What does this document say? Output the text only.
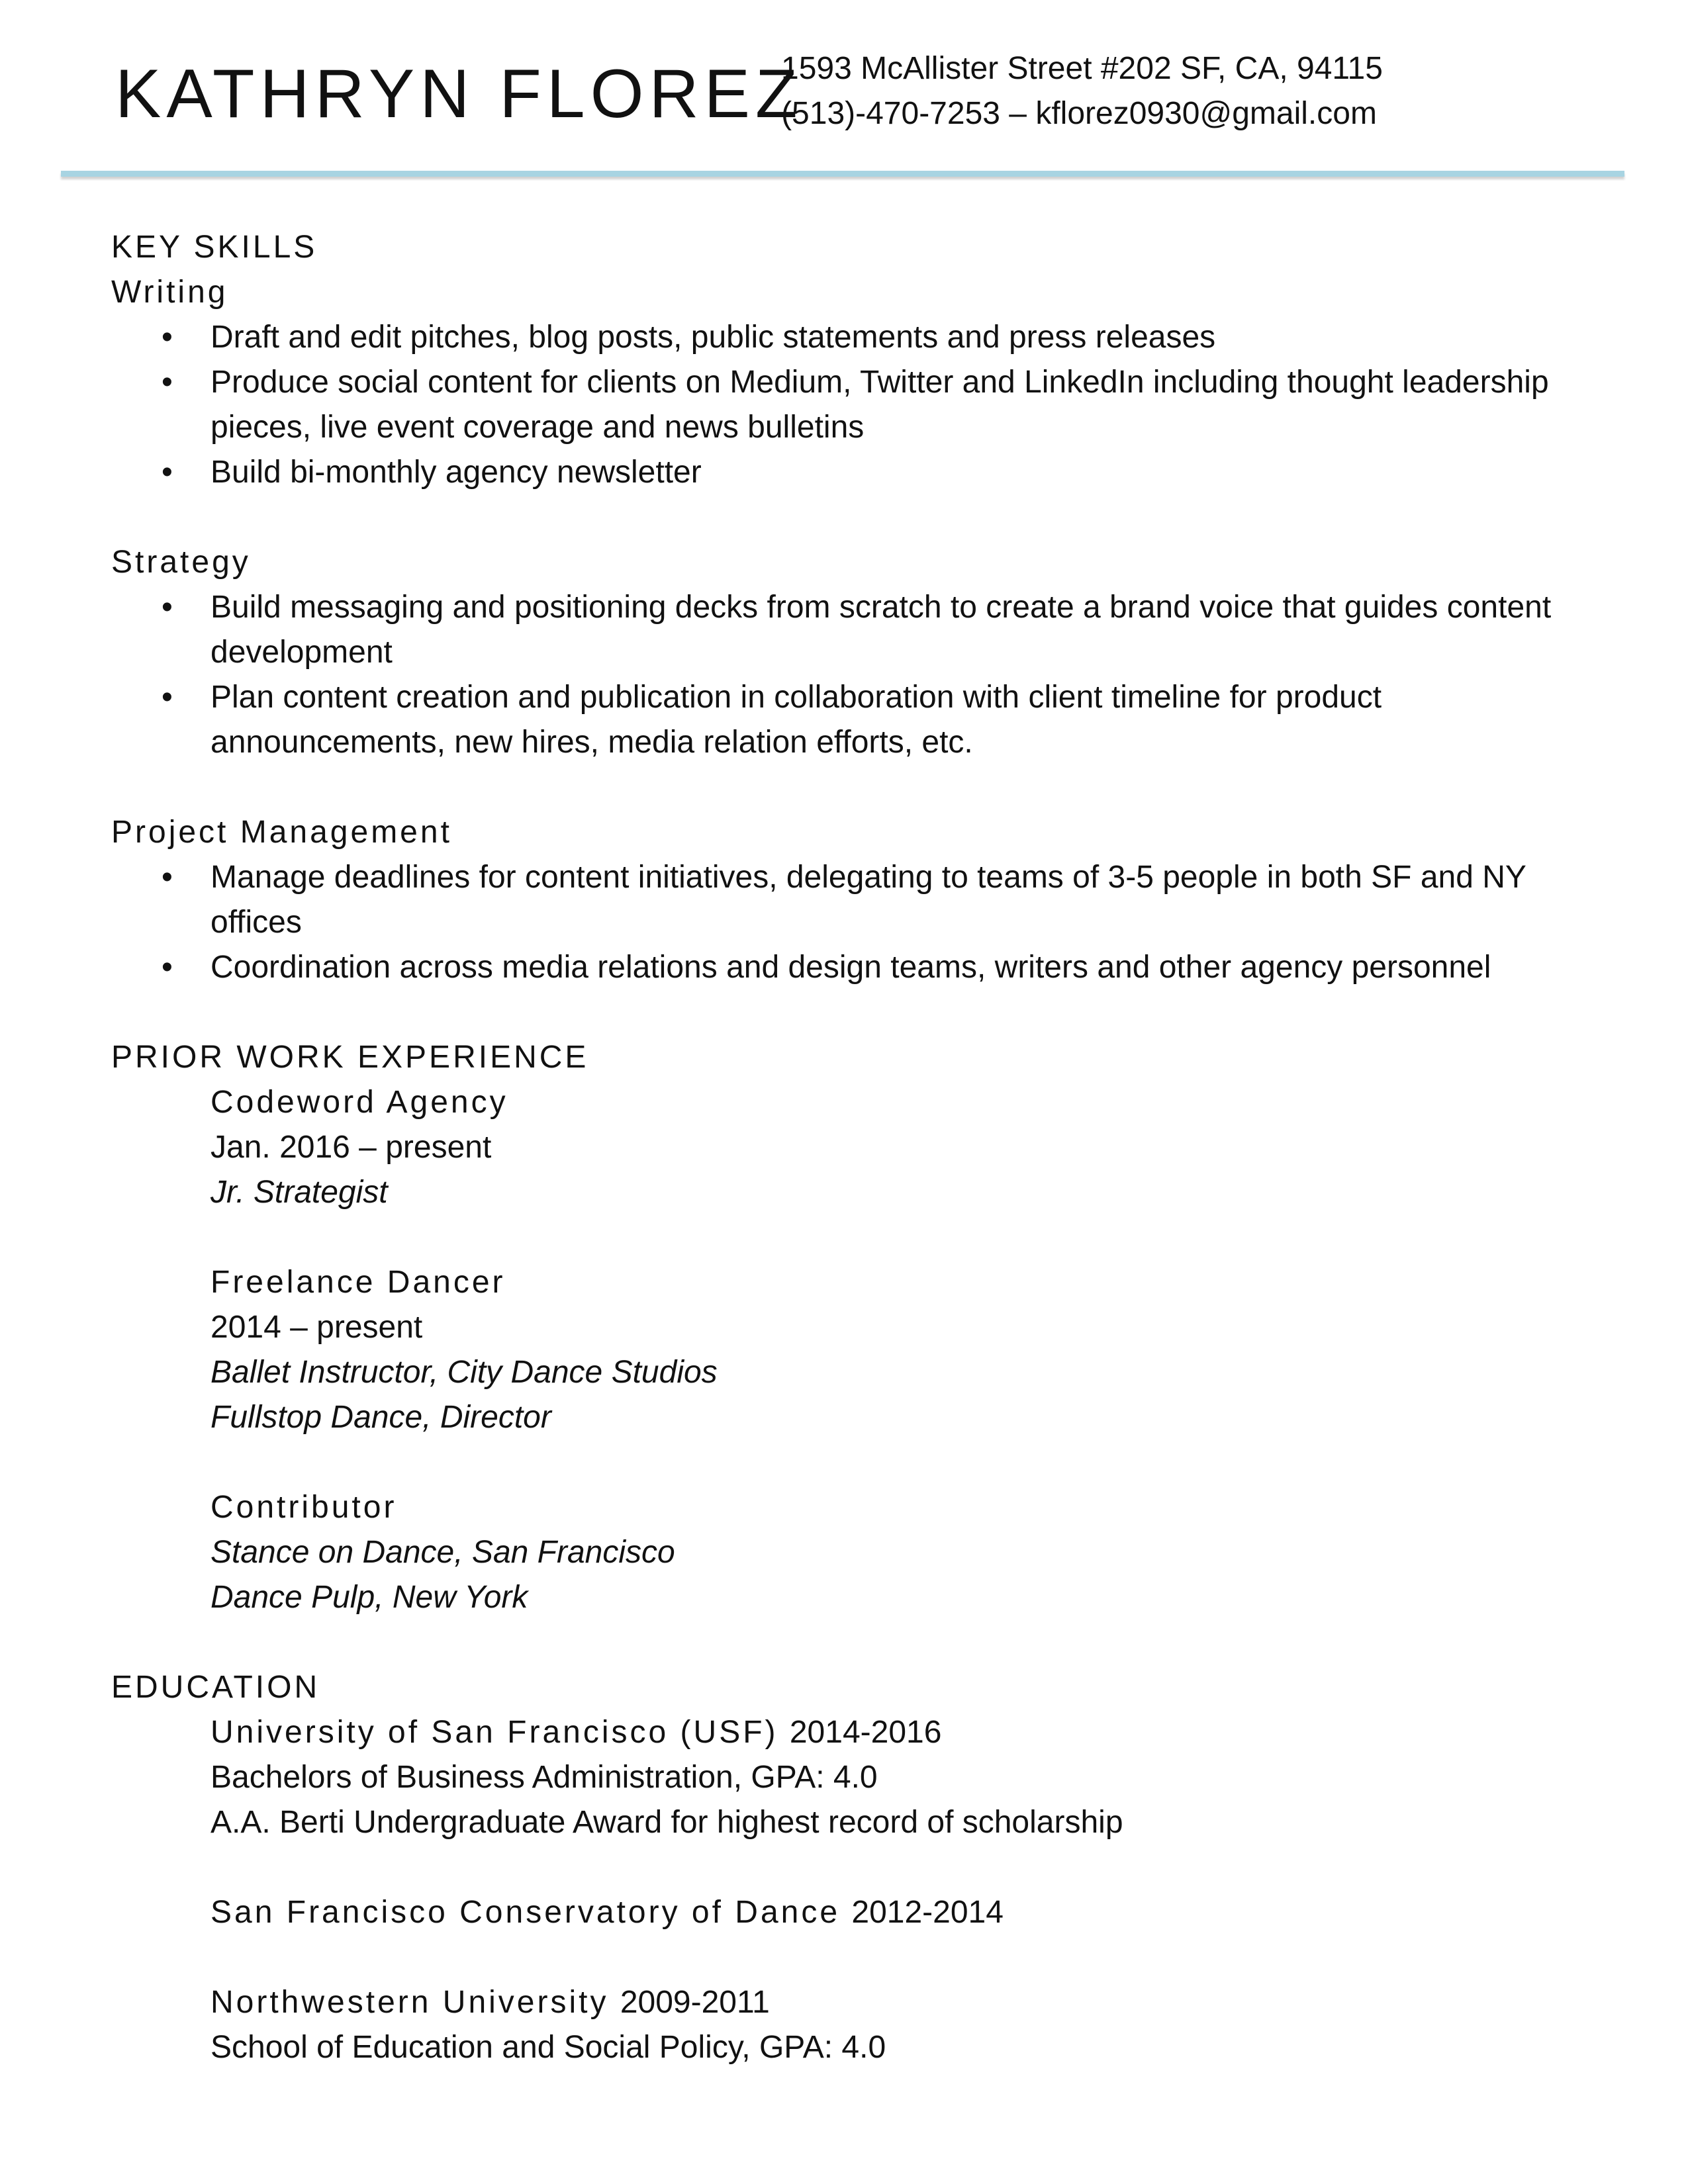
KATHRYN FLOREZ
1593 McAllister Street #202 SF, CA, 94115
(513)-470-7253 – kflorez0930@gmail.com
KEY SKILLS
Writing
• Draft and edit pitches, blog posts, public statements and press releases
• Produce social content for clients on Medium, Twitter and LinkedIn including thought leadership pieces, live event coverage and news bulletins
• Build bi-monthly agency newsletter
Strategy
• Build messaging and positioning decks from scratch to create a brand voice that guides content development
• Plan content creation and publication in collaboration with client timeline for product announcements, new hires, media relation efforts, etc.
Project Management
• Manage deadlines for content initiatives, delegating to teams of 3-5 people in both SF and NY offices
• Coordination across media relations and design teams, writers and other agency personnel
PRIOR WORK EXPERIENCE
Codeword Agency
Jan. 2016 – present
Jr. Strategist
Freelance Dancer
2014 – present
Ballet Instructor, City Dance Studios
Fullstop Dance, Director
Contributor
Stance on Dance, San Francisco
Dance Pulp, New York
EDUCATION
University of San Francisco (USF) 2014-2016
Bachelors of Business Administration, GPA: 4.0
A.A. Berti Undergraduate Award for highest record of scholarship
San Francisco Conservatory of Dance 2012-2014
Northwestern University 2009-2011
School of Education and Social Policy, GPA: 4.0
